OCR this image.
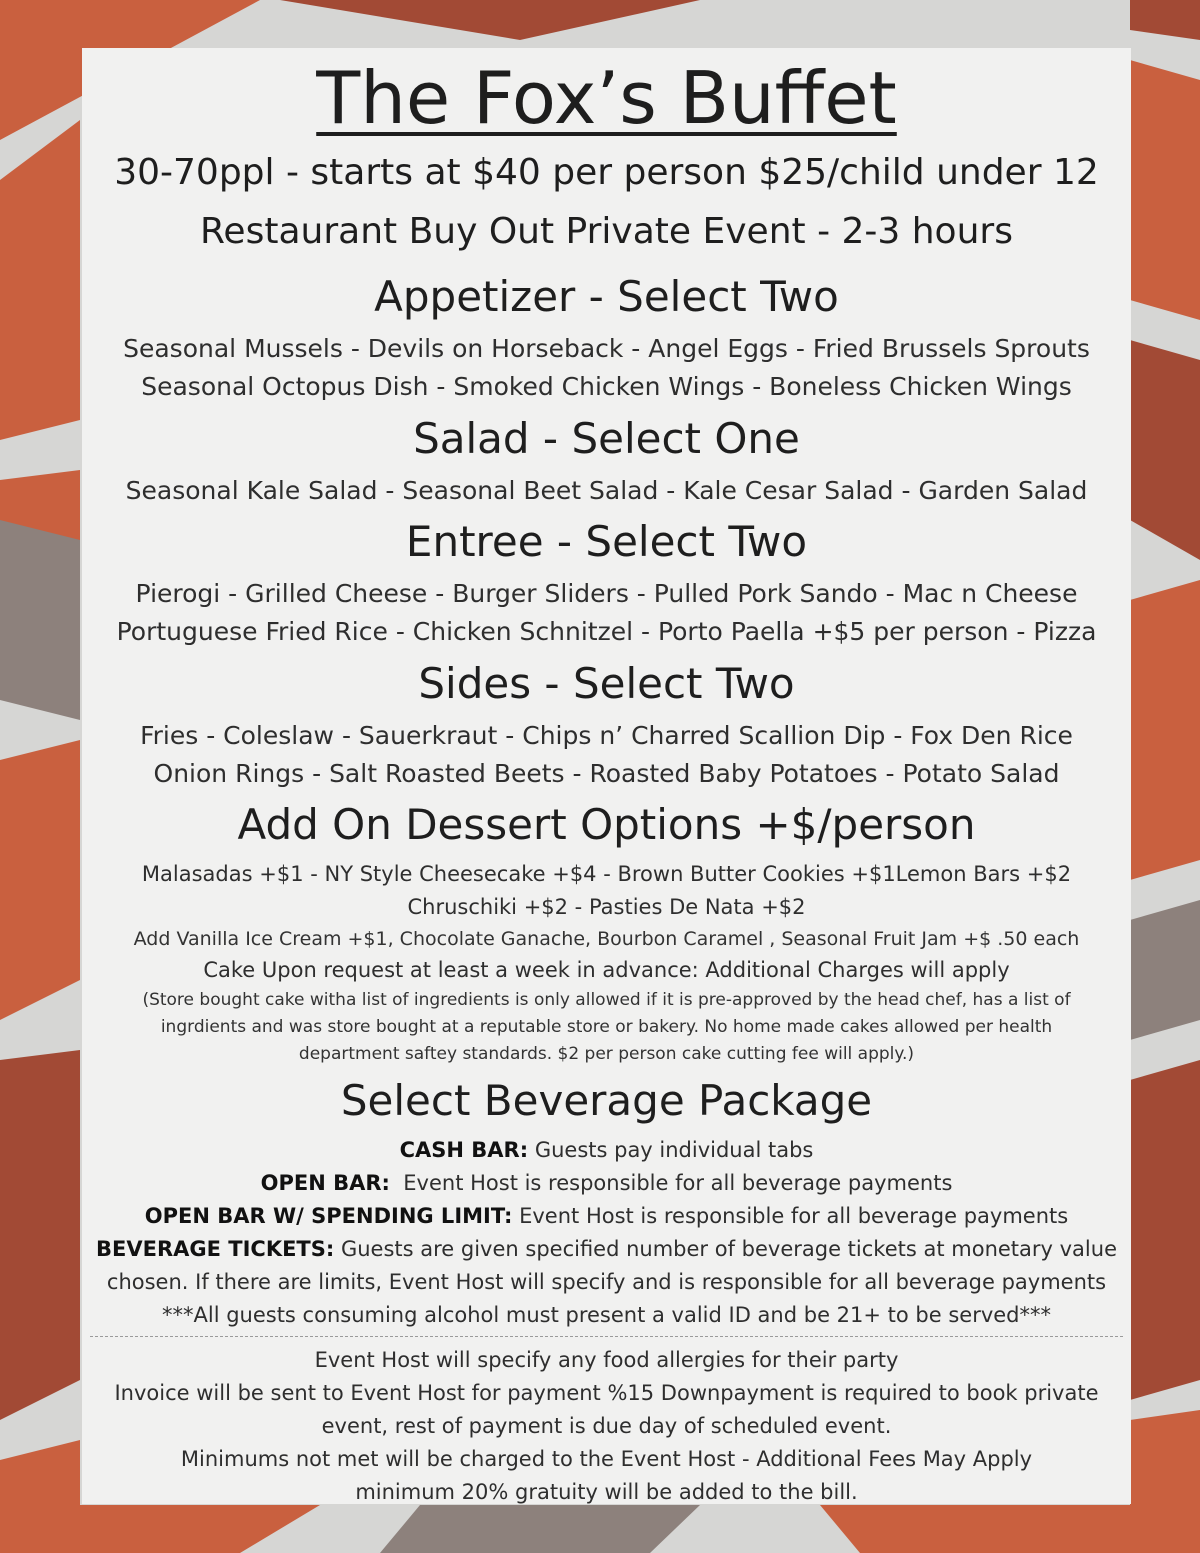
The Fox’s Buffet

30-70ppl - starts at $40 per person $25/child under 12

Restaurant Buy Out Private Event - 2-3 hours

Appetizer - Select Two

Seasonal Mussels - Devils on Horseback - Angel Eggs - Fried Brussels Sprouts

Seasonal Octopus Dish - Smoked Chicken Wings - Boneless Chicken Wings

Salad - Select One

Seasonal Kale Salad - Seasonal Beet Salad - Kale Cesar Salad - Garden Salad

Entree - Select Two

Pierogi - Grilled Cheese - Burger Sliders - Pulled Pork Sando - Mac n Cheese

Portuguese Fried Rice - Chicken Schnitzel - Porto Paella +$5 per person - Pizza

Sides - Select Two

Fries - Coleslaw - Sauerkraut - Chips n’ Charred Scallion Dip - Fox Den Rice

Onion Rings - Salt Roasted Beets - Roasted Baby Potatoes - Potato Salad

Add On Dessert Options +$/person

Malasadas +$1 - NY Style Cheesecake +$4 - Brown Butter Cookies +$1Lemon Bars +$2

Chruschiki +$2 - Pasties De Nata +$2

Add Vanilla Ice Cream +$1, Chocolate Ganache, Bourbon Caramel , Seasonal Fruit Jam +$ .50 each

Cake Upon request at least a week in advance: Additional Charges will apply

(Store bought cake witha list of ingredients is only allowed if it is pre-approved by the head chef, has a list of

ingrdients and was store bought at a reputable store or bakery. No home made cakes allowed per health

department saftey standards. $2 per person cake cutting fee will apply.)

Select Beverage Package

CASH BAR: Guests pay individual tabs

OPEN BAR:  Event Host is responsible for all beverage payments

OPEN BAR W/ SPENDING LIMIT: Event Host is responsible for all beverage payments

BEVERAGE TICKETS: Guests are given specified number of beverage tickets at monetary value

chosen. If there are limits, Event Host will specify and is responsible for all beverage payments

***All guests consuming alcohol must present a valid ID and be 21+ to be served***

Event Host will specify any food allergies for their party

Invoice will be sent to Event Host for payment %15 Downpayment is required to book private

event, rest of payment is due day of scheduled event.

Minimums not met will be charged to the Event Host - Additional Fees May Apply

minimum 20% gratuity will be added to the bill.
